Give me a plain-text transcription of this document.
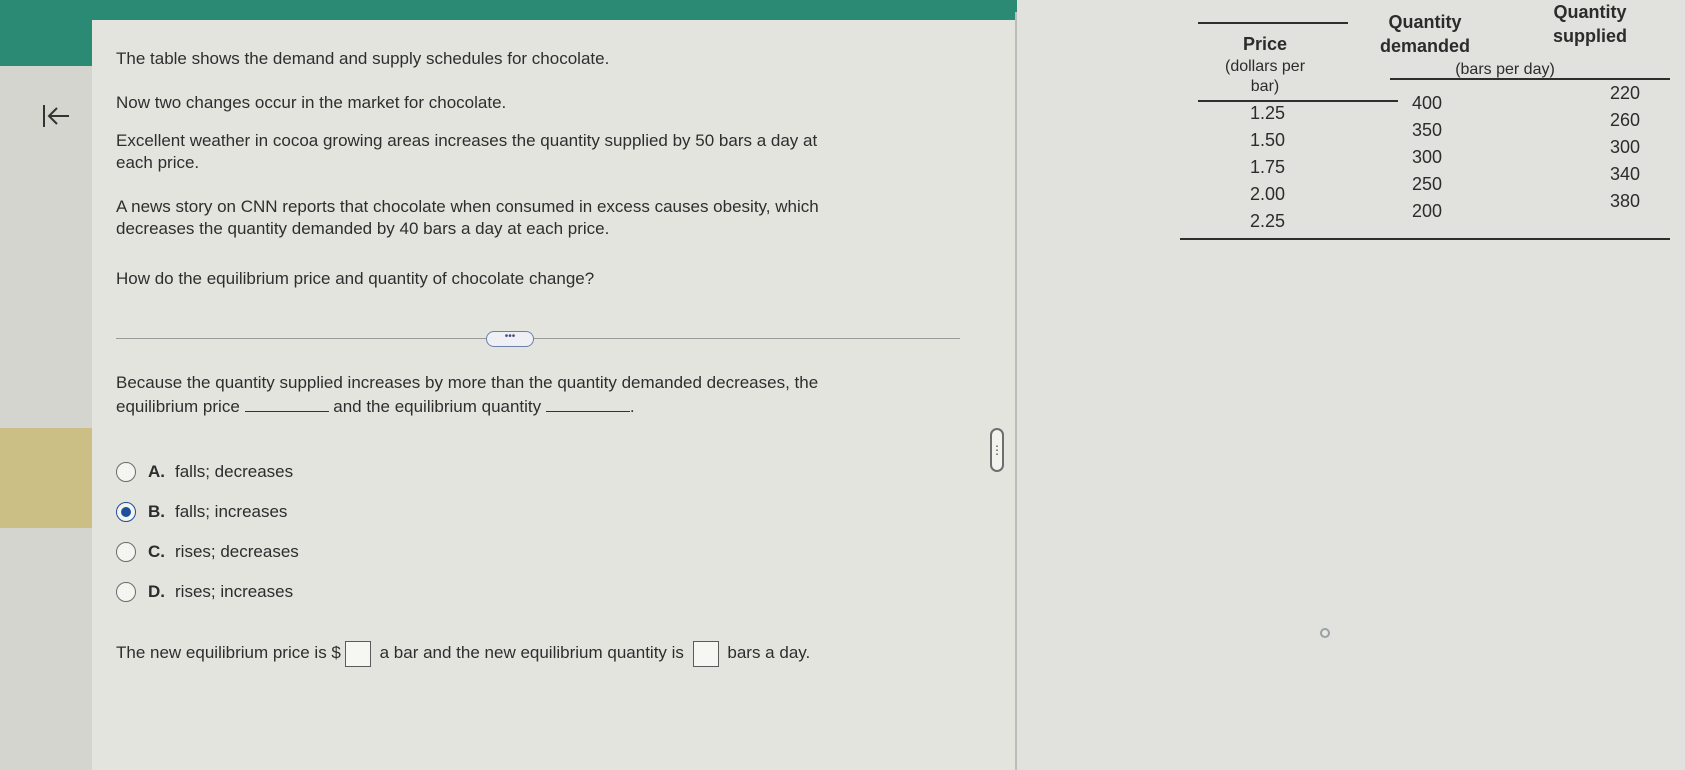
⋮
The table shows the demand and supply schedules for chocolate.
Now two changes occur in the market for chocolate.
Excellent weather in cocoa growing areas increases the quantity supplied by 50 bars a day at
each price.
A news story on CNN reports that chocolate when consumed in excess causes obesity, which
decreases the quantity demanded by 40 bars a day at each price.
How do the equilibrium price and quantity of chocolate change?
•••
Because the quantity supplied increases by more than the quantity demanded decreases, the
equilibrium price	and the equilibrium quantity	.
A. falls; decreases
B. falls; increases
C. rises; decreases
D. rises; increases
The new equilibrium price is $ a bar and the new equilibrium quantity is	bars a day.
Price
(dollars per
bar)
Quantity
demanded
Quantity
supplied
(bars per day)
1.25	400	220
1.50	350	260
1.75	300	300
2.00	250	340
2.25	200	380
